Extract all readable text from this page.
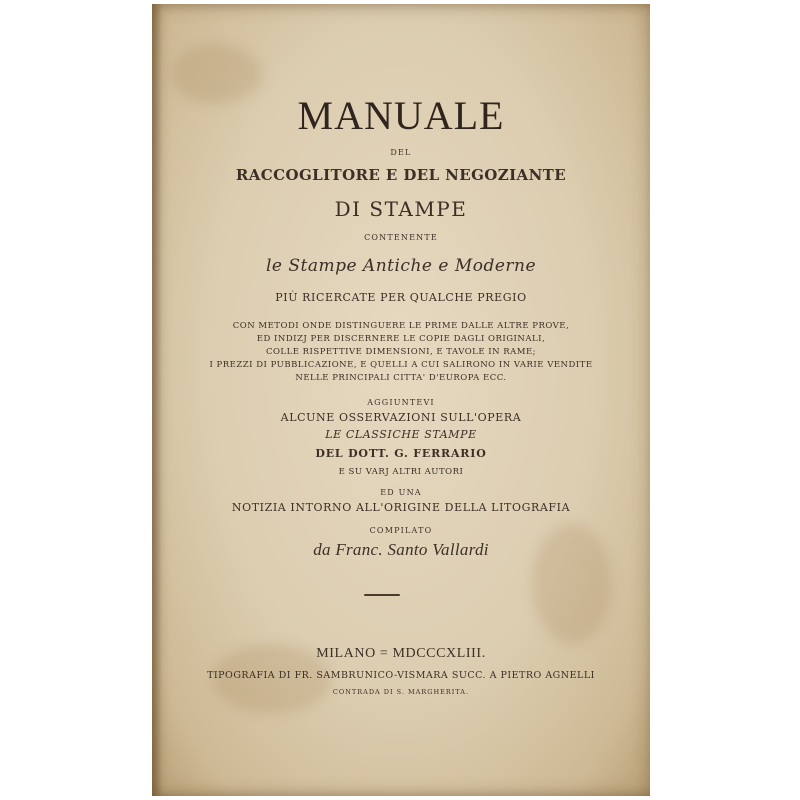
MANUALE
DEL
RACCOGLITORE E DEL NEGOZIANTE
DI STAMPE
CONTENENTE
le Stampe Antiche e Moderne
PIÙ RICERCATE PER QUALCHE PREGIO
CON METODI ONDE DISTINGUERE LE PRIME DALLE ALTRE PROVE,
ED INDIZJ PER DISCERNERE LE COPIE DAGLI ORIGINALI,
COLLE RISPETTIVE DIMENSIONI, E TAVOLE IN RAME;
I PREZZI DI PUBBLICAZIONE, E QUELLI A CUI SALIRONO IN VARIE VENDITE
NELLE PRINCIPALI CITTA' D'EUROPA ECC.
AGGIUNTEVI
ALCUNE OSSERVAZIONI SULL'OPERA
LE CLASSICHE STAMPE
DEL DOTT. G. FERRARIO
E SU VARJ ALTRI AUTORI
ED UNA
NOTIZIA INTORNO ALL'ORIGINE DELLA LITOGRAFIA
COMPILATO
da Franc. Santo Vallardi
MILANO = MDCCCXLIII.
TIPOGRAFIA DI FR. SAMBRUNICO-VISMARA SUCC. A PIETRO AGNELLI
CONTRADA DI S. MARGHERITA.
